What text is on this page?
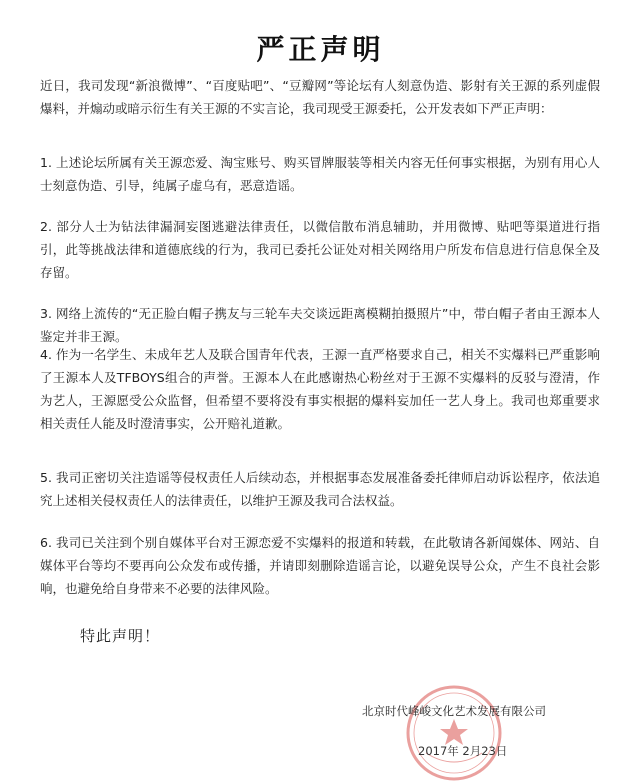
严正声明
近日，我司发现“新浪微博”、“百度贴吧”、“豆瓣网”等论坛有人刻意伪造、影射有关王源的系列虚假爆料，并煽动或暗示衍生有关王源的不实言论，我司现受王源委托，公开发表如下严正声明：
1. 上述论坛所属有关王源恋爱、淘宝账号、购买冒牌服装等相关内容无任何事实根据，为别有用心人士刻意伪造、引导，纯属子虚乌有，恶意造谣。
2. 部分人士为钻法律漏洞妄图逃避法律责任，以微信散布消息辅助，并用微博、贴吧等渠道进行指引，此等挑战法律和道德底线的行为，我司已委托公证处对相关网络用户所发布信息进行信息保全及存留。
3. 网络上流传的“无正脸白帽子携友与三轮车夫交谈远距离模糊拍摄照片”中，带白帽子者由王源本人鉴定并非王源。
4. 作为一名学生、未成年艺人及联合国青年代表，王源一直严格要求自己，相关不实爆料已严重影响了王源本人及TFBOYS组合的声誉。王源本人在此感谢热心粉丝对于王源不实爆料的反驳与澄清，作为艺人，王源愿受公众监督，但希望不要将没有事实根据的爆料妄加任一艺人身上。我司也郑重要求相关责任人能及时澄清事实，公开赔礼道歉。
5. 我司正密切关注造谣等侵权责任人后续动态，并根据事态发展准备委托律师启动诉讼程序，依法追究上述相关侵权责任人的法律责任，以维护王源及我司合法权益。
6. 我司已关注到个别自媒体平台对王源恋爱不实爆料的报道和转载，在此敬请各新闻媒体、网站、自媒体平台等均不要再向公众发布或传播，并请即刻删除造谣言论，以避免误导公众，产生不良社会影响，也避免给自身带来不必要的法律风险。
特此声明！
北京时代峰峻文化艺术发展有限公司
2017年 2月23日
